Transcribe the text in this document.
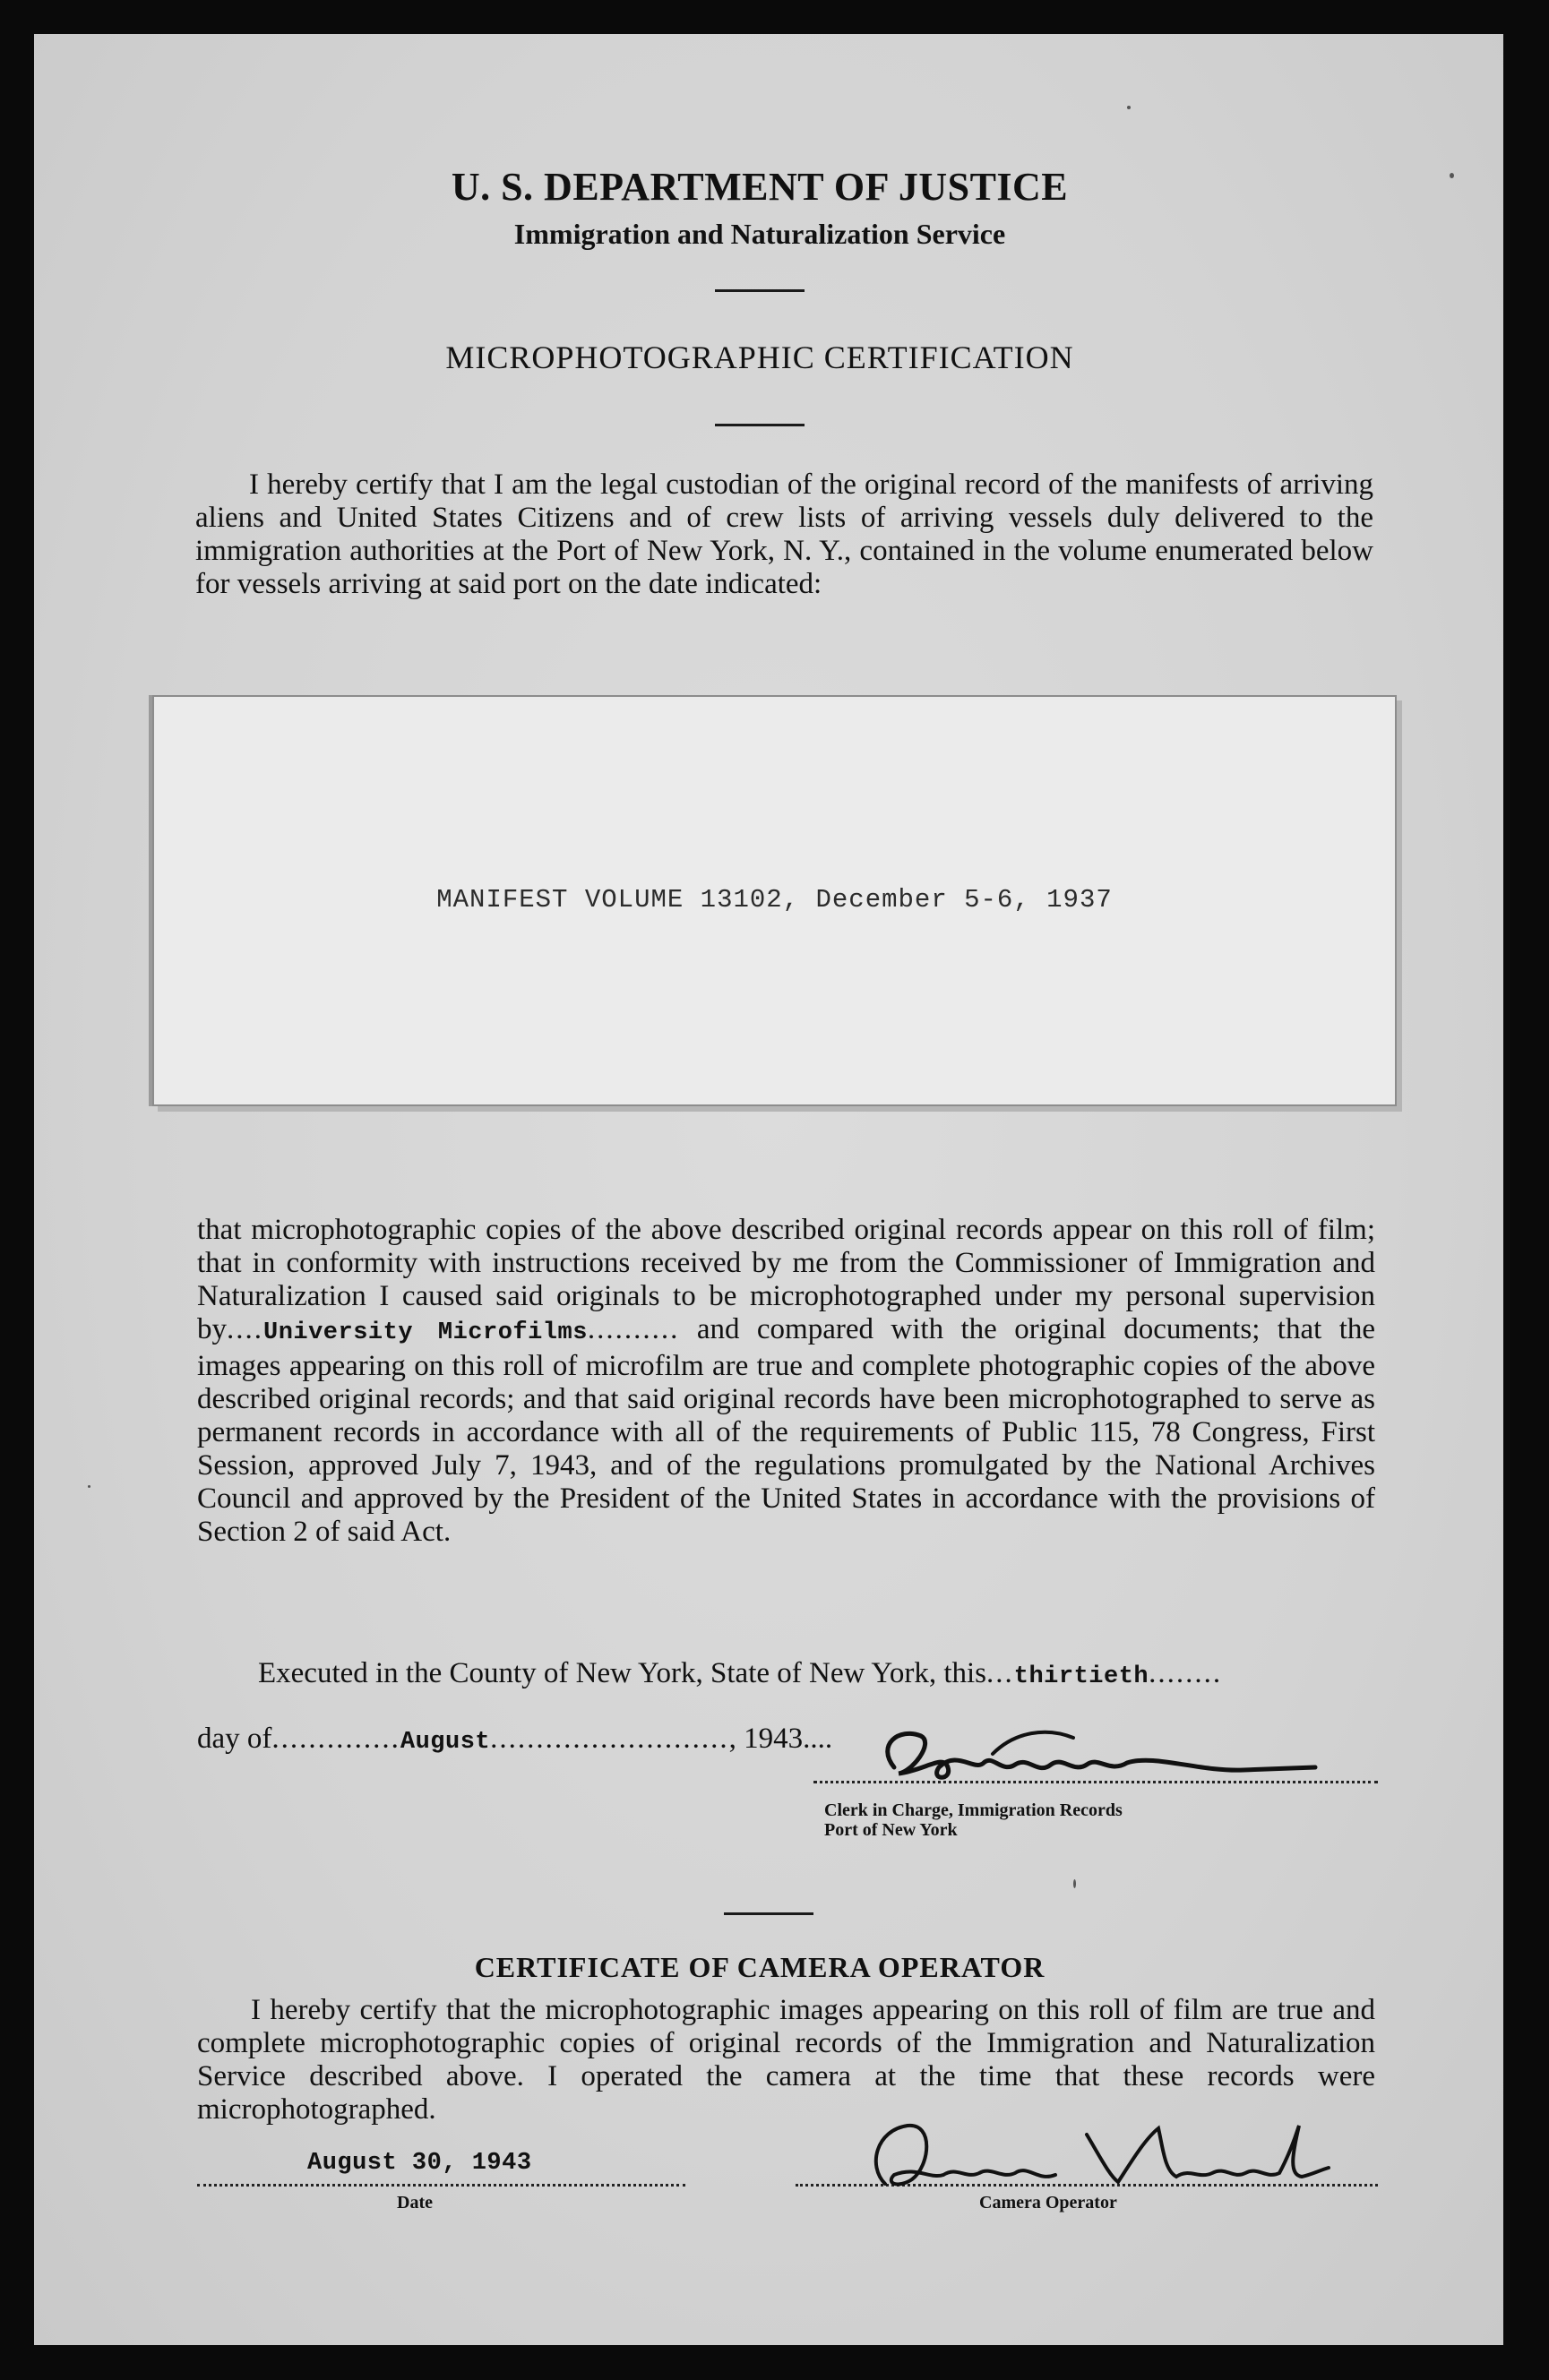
U. S. DEPARTMENT OF JUSTICE
Immigration and Naturalization Service
MICROPHOTOGRAPHIC CERTIFICATION
I hereby certify that I am the legal custodian of the original record of the manifests of arriving aliens and United States Citizens and of crew lists of arriving vessels duly delivered to the immigration authorities at the Port of New York, N. Y., contained in the volume enumerated below for vessels arriving at said port on the date indicated:
MANIFEST VOLUME 13102, December 5-6, 1937
that microphotographic copies of the above described original records appear on this roll of film; that in conformity with instructions received by me from the Commissioner of Immigration and Naturalization I caused said originals to be microphotographed under my personal supervision by....University Microfilms.......... and compared with the original documents; that the images appearing on this roll of microfilm are true and complete photographic copies of the above described original records; and that said original records have been microphotographed to serve as permanent records in accordance with all of the requirements of Public 115, 78 Congress, First Session, approved July 7, 1943, and of the regulations promulgated by the National Archives Council and approved by the President of the United States in accordance with the provisions of Section 2 of said Act.
Executed in the County of New York, State of New York, this...thirtieth........
day of..............August.........................., 1943....
Clerk in Charge, Immigration Records
Port of New York
CERTIFICATE OF CAMERA OPERATOR
I hereby certify that the microphotographic images appearing on this roll of film are true and complete microphotographic copies of original records of the Immigration and Naturalization Service described above. I operated the camera at the time that these records were microphotographed.
August 30, 1943
Date	Camera Operator
